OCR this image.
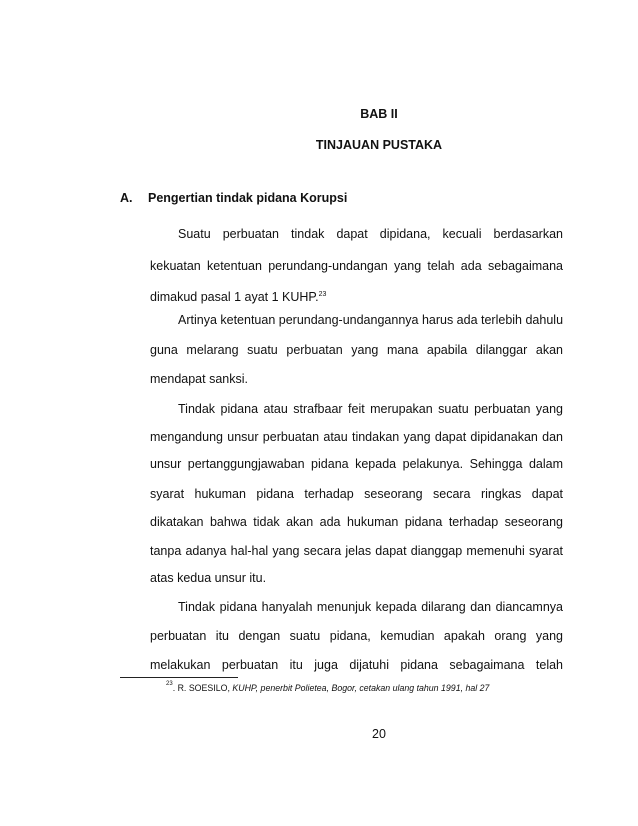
BAB II
TINJAUAN PUSTAKA
A. Pengertian tindak pidana Korupsi
Suatu perbuatan tindak dapat dipidana, kecuali berdasarkan
kekuatan ketentuan perundang-undangan yang telah ada sebagaimana
dimakud pasal 1 ayat 1 KUHP.$^{23}$
Artinya ketentuan perundang-undangannya harus ada terlebih dahulu
guna melarang suatu perbuatan yang mana apabila dilanggar akan
mendapat sanksi.
Tindak pidana atau strafbaar feit merupakan suatu perbuatan yang
mengandung unsur perbuatan atau tindakan yang dapat dipidanakan dan
unsur pertanggungjawaban pidana kepada pelakunya. Sehingga dalam
syarat hukuman pidana terhadap seseorang secara ringkas dapat
dikatakan bahwa tidak akan ada hukuman pidana terhadap seseorang
tanpa adanya hal-hal yang secara jelas dapat dianggap memenuhi syarat
atas kedua unsur itu.
Tindak pidana hanyalah menunjuk kepada dilarang dan diancamnya
perbuatan itu dengan suatu pidana, kemudian apakah orang yang
melakukan perbuatan itu juga dijatuhi pidana sebagaimana telah
$^{23}$. R. SOESILO, KUHP, penerbit Polietea, Bogor, cetakan ulang tahun 1991, hal 27
20
